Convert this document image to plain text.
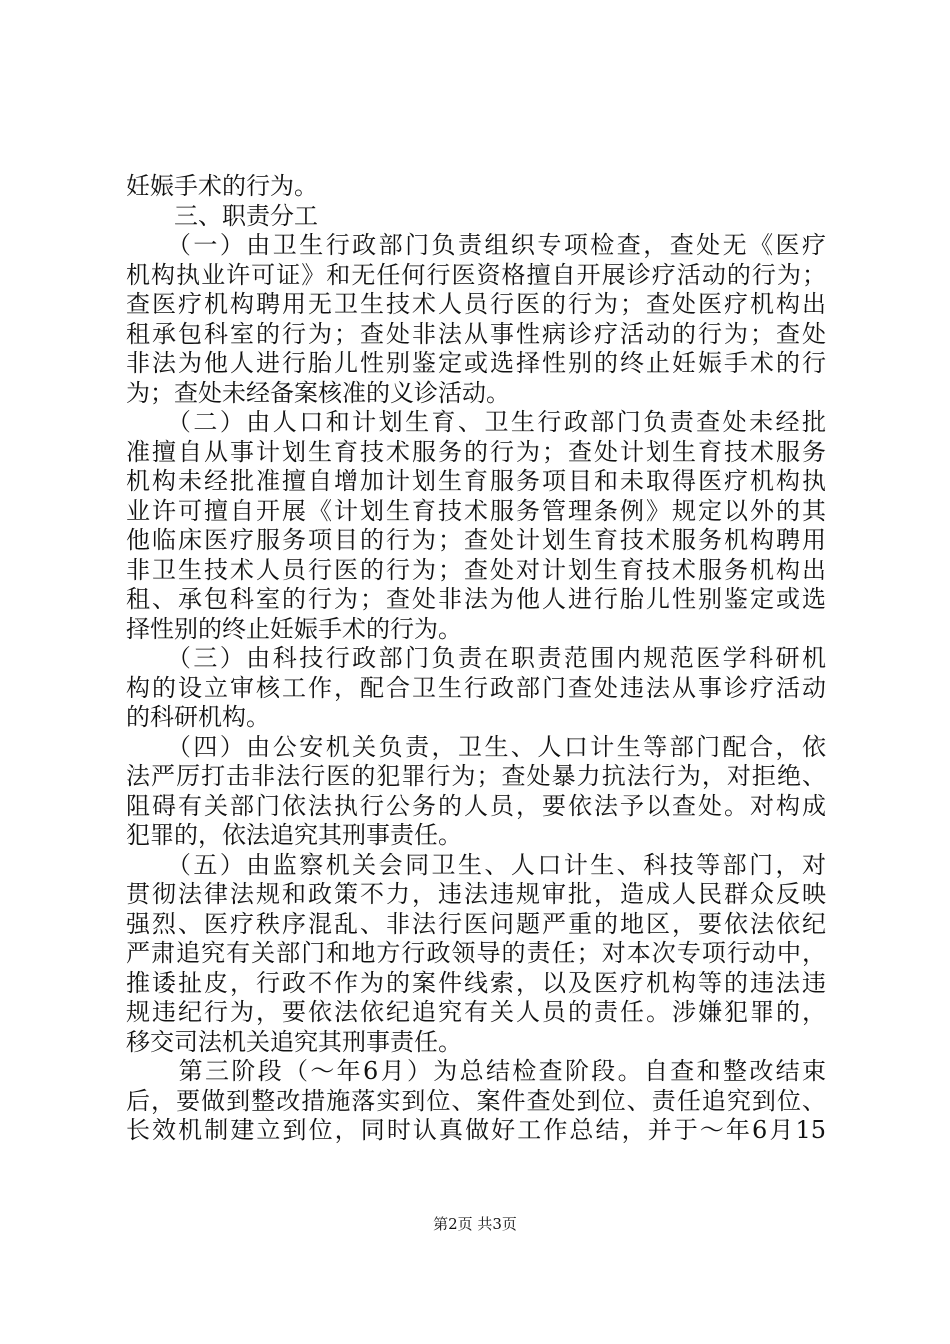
妊娠手术的行为。
　　三、职责分工
　　（一）由卫生行政部门负责组织专项检查，查处无《医疗
机构执业许可证》和无任何行医资格擅自开展诊疗活动的行为；
查医疗机构聘用无卫生技术人员行医的行为；查处医疗机构出
租承包科室的行为；查处非法从事性病诊疗活动的行为；查处
非法为他人进行胎儿性别鉴定或选择性别的终止妊娠手术的行
为；查处未经备案核准的义诊活动。
　　（二）由人口和计划生育、卫生行政部门负责查处未经批
准擅自从事计划生育技术服务的行为；查处计划生育技术服务
机构未经批准擅自增加计划生育服务项目和未取得医疗机构执
业许可擅自开展《计划生育技术服务管理条例》规定以外的其
他临床医疗服务项目的行为；查处计划生育技术服务机构聘用
非卫生技术人员行医的行为；查处对计划生育技术服务机构出
租、承包科室的行为；查处非法为他人进行胎儿性别鉴定或选
择性别的终止妊娠手术的行为。
　　（三）由科技行政部门负责在职责范围内规范医学科研机
构的设立审核工作，配合卫生行政部门查处违法从事诊疗活动
的科研机构。
　　（四）由公安机关负责，卫生、人口计生等部门配合，依
法严厉打击非法行医的犯罪行为；查处暴力抗法行为，对拒绝、
阻碍有关部门依法执行公务的人员，要依法予以查处。对构成
犯罪的，依法追究其刑事责任。
　　（五）由监察机关会同卫生、人口计生、科技等部门，对
贯彻法律法规和政策不力，违法违规审批，造成人民群众反映
强烈、医疗秩序混乱、非法行医问题严重的地区，要依法依纪
严肃追究有关部门和地方行政领导的责任；对本次专项行动中，
推诿扯皮，行政不作为的案件线索，以及医疗机构等的违法违
规违纪行为，要依法依纪追究有关人员的责任。涉嫌犯罪的，
移交司法机关追究其刑事责任。
　　第三阶段（～年6月）为总结检查阶段。自查和整改结束
后，要做到整改措施落实到位、案件查处到位、责任追究到位、
长效机制建立到位，同时认真做好工作总结，并于～年6月15
第2页 共3页
